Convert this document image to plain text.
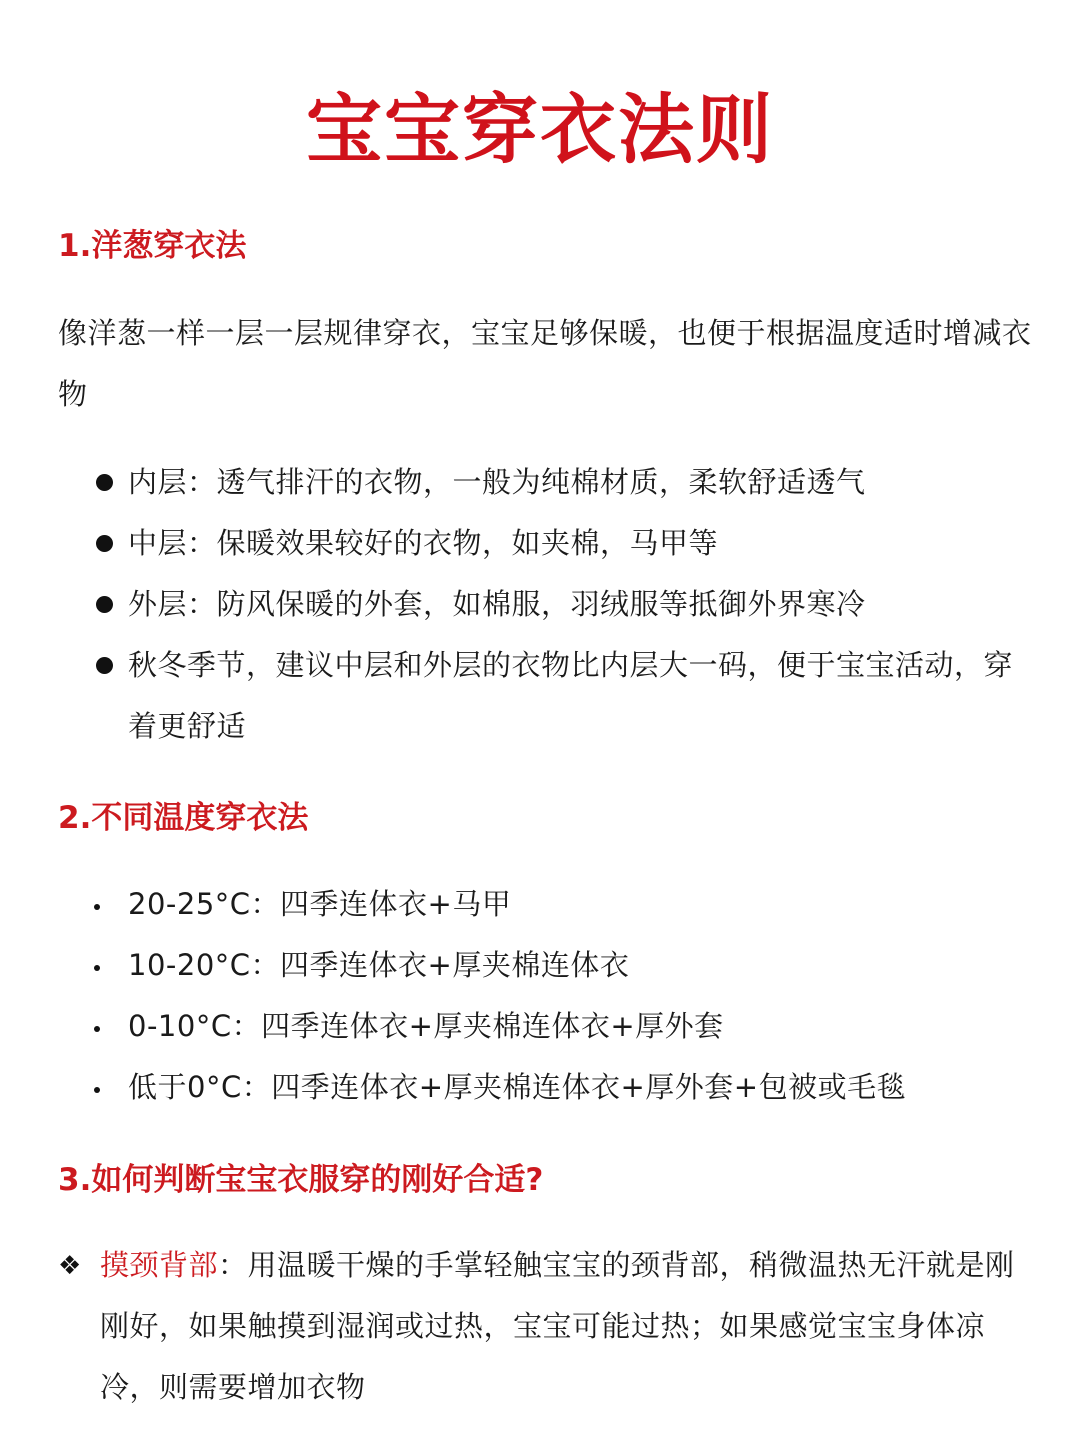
宝宝穿衣法则
1.洋葱穿衣法

像洋葱一样一层一层规律穿衣，宝宝足够保暖，也便于根据温度适时增减衣物

内层：透气排汗的衣物，一般为纯棉材质，柔软舒适透气
中层：保暖效果较好的衣物，如夹棉，马甲等
外层：防风保暖的外套，如棉服，羽绒服等抵御外界寒冷
秋冬季节，建议中层和外层的衣物比内层大一码，便于宝宝活动，穿着更舒适
2.不同温度穿衣法
20-25°C：四季连体衣+马甲
10-20°C：四季连体衣+厚夹棉连体衣
0-10°C：四季连体衣+厚夹棉连体衣+厚外套
低于0°C：四季连体衣+厚夹棉连体衣+厚外套+包被或毛毯
3.如何判断宝宝衣服穿的刚好合适?
❖ 摸颈背部：用温暖干燥的手掌轻触宝宝的颈背部，稍微温热无汗就是刚刚好，如果触摸到湿润或过热，宝宝可能过热；如果感觉宝宝身体凉冷，则需要增加衣物
